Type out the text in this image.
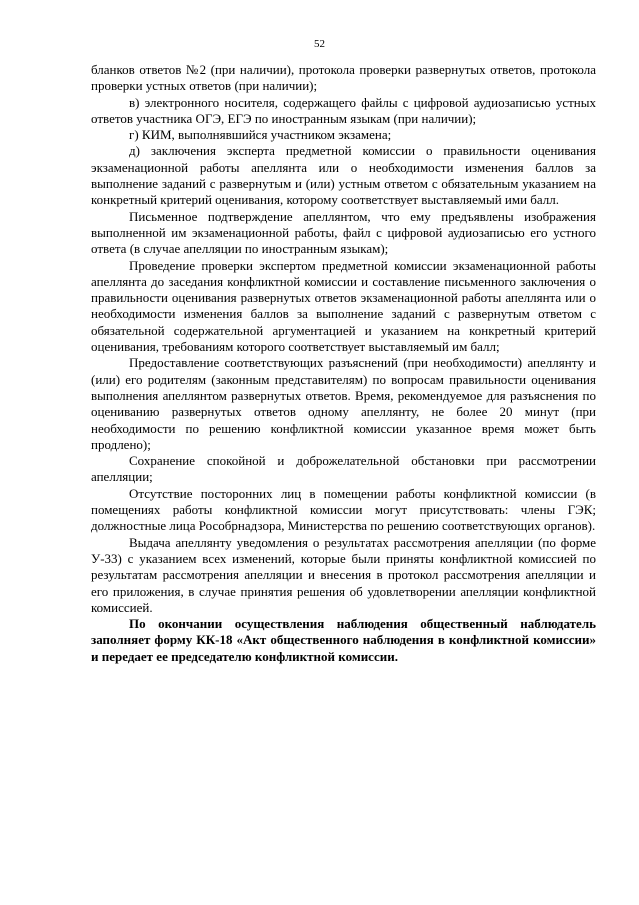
52

бланков ответов №2 (при наличии), протокола проверки развернутых ответов, протокола проверки устных ответов (при наличии);

в) электронного носителя, содержащего файлы с цифровой аудиозаписью устных ответов участника ОГЭ, ЕГЭ по иностранным языкам (при наличии);

г) КИМ, выполнявшийся участником экзамена;

д) заключения эксперта предметной комиссии о правильности оценивания экзаменационной работы апеллянта или о необходимости изменения баллов за выполнение заданий с развернутым и (или) устным ответом с обязательным указанием на конкретный критерий оценивания, которому соответствует выставляемый ими балл.

Письменное подтверждение апеллянтом, что ему предъявлены изображения выполненной им экзаменационной работы, файл с цифровой аудиозаписью его устного ответа (в случае апелляции по иностранным языкам);

Проведение проверки экспертом предметной комиссии экзаменационной работы апеллянта до заседания конфликтной комиссии и составление письменного заключения о правильности оценивания развернутых ответов экзаменационной работы апеллянта или о необходимости изменения баллов за выполнение заданий с развернутым ответом с обязательной содержательной аргументацией и указанием на конкретный критерий оценивания, требованиям которого соответствует выставляемый им балл;

Предоставление соответствующих разъяснений (при необходимости) апеллянту и (или) его родителям (законным представителям) по вопросам правильности оценивания выполнения апеллянтом развернутых ответов. Время, рекомендуемое для разъяснения по оцениванию развернутых ответов одному апеллянту, не более 20 минут (при необходимости по решению конфликтной комиссии указанное время может быть продлено);

Сохранение спокойной и доброжелательной обстановки при рассмотрении апелляции;

Отсутствие посторонних лиц в помещении работы конфликтной комиссии (в помещениях работы конфликтной комиссии могут присутствовать: члены ГЭК; должностные лица Рособрнадзора, Министерства по решению соответствующих органов).

Выдача апеллянту уведомления о результатах рассмотрения апелляции (по форме У-33) с указанием всех изменений, которые были приняты конфликтной комиссией по результатам рассмотрения апелляции и внесения в протокол рассмотрения апелляции и его приложения, в случае принятия решения об удовлетворении апелляции конфликтной комиссией.

По окончании осуществления наблюдения общественный наблюдатель заполняет форму КК-18 «Акт общественного наблюдения в конфликтной комиссии» и передает ее председателю конфликтной комиссии.
